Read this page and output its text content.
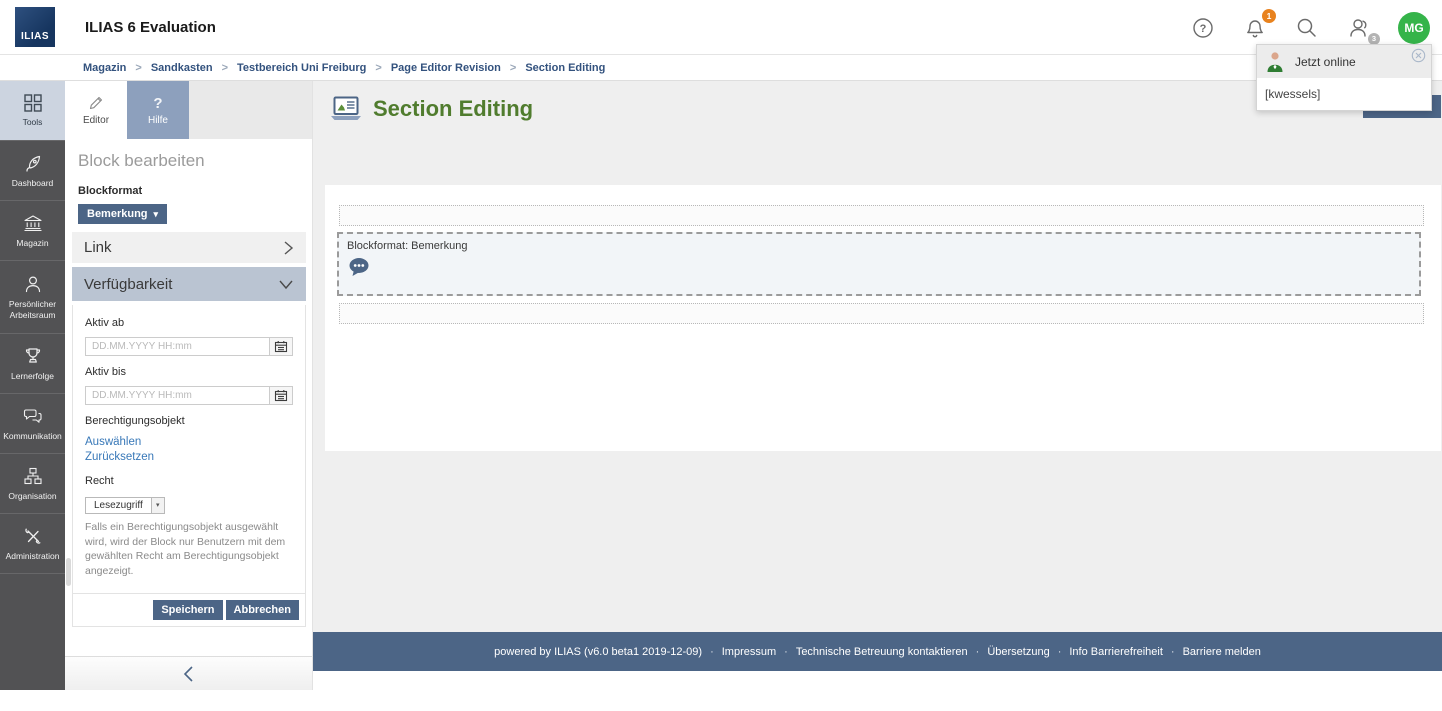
ILIAS
ILIAS 6 Evaluation	?
1
3
MG
Magazin > Sandkasten > Testbereich Uni Freiburg > Page Editor Revision > Section Editing
Tools
Dashboard
Magazin
Persönlicher Arbeitsraum
Lernerfolge
Kommunikation
Organisation
Administration
Editor
?
Hilfe
Block bearbeiten
Blockformat
Bemerkung ▾
Link
Verfügbarkeit
Aktiv ab
DD.MM.YYYY HH:mm
Aktiv bis
DD.MM.YYYY HH:mm
Berechtigungsobjekt
Auswählen
Zurücksetzen
Recht
Lesezugriff	▾
Falls ein Berechtigungsobjekt ausgewählt wird, wird der Block nur Benutzern mit dem gewählten Recht am Berechtigungsobjekt angezeigt.
Speichern	Abbrechen
Section Editing
Blockformat: Bemerkung
powered by ILIAS (v6.0 beta1 2019-12-09) · Impressum · Technische Betreuung kontaktieren · Übersetzung · Info Barrierefreiheit · Barriere melden
Jetzt online
[kwessels]
